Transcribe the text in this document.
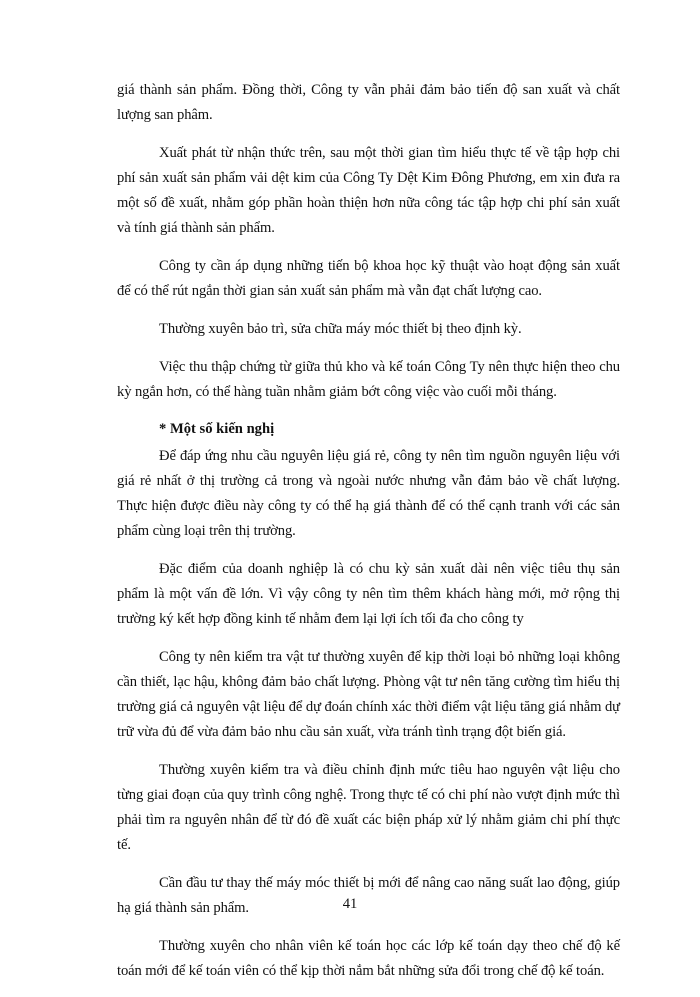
giá thành sản phẩm. Đồng thời, Công ty vẫn phải đảm bảo tiến độ san xuất và chất lượng san phâm.

Xuất phát từ nhận thức trên, sau một thời gian tìm hiểu thực tế về tập hợp chi phí sản xuất sản phẩm vải dệt kim của Công Ty Dệt Kim Đông Phương, em xin đưa ra một số đề xuất, nhằm góp phần hoàn thiện hơn nữa công tác tập hợp chi phí sản xuất và tính giá thành sản phẩm.

Công ty cần áp dụng những tiến bộ khoa học kỹ thuật vào hoạt động sản xuất để có thể rút ngắn thời gian sản xuất sản phẩm mà vẫn đạt chất lượng cao.

Thường xuyên bảo trì, sửa chữa máy móc thiết bị theo định kỳ.

Việc thu thập chứng từ giữa thủ kho và kế toán Công Ty nên thực hiện theo chu kỳ ngắn hơn, có thể hàng tuần nhằm giảm bớt công việc vào cuối mỗi tháng.

* Một số kiến nghị

Để đáp ứng nhu cầu nguyên liệu giá rẻ, công ty nên tìm nguồn nguyên liệu với giá rẻ nhất ở thị trường cả trong và ngoài nước nhưng vẫn đảm bảo về chất lượng. Thực hiện được điều này công ty có thể hạ giá thành để có thể cạnh tranh với các sản phẩm cùng loại trên thị trường.

Đặc điểm của doanh nghiệp là có chu kỳ sản xuất dài nên việc tiêu thụ sản phẩm là một vấn đề lớn. Vì vậy công ty nên tìm thêm khách hàng mới, mở rộng thị trường ký kết hợp đồng kinh tế nhằm đem lại lợi ích tối đa cho công ty

Công ty nên kiểm tra vật tư thường xuyên để kịp thời loại bỏ những loại không cần thiết, lạc hậu, không đảm bảo chất lượng. Phòng vật tư nên tăng cường tìm hiểu thị trường giá cả nguyên vật liệu để dự đoán chính xác thời điểm vật liệu tăng giá nhằm dự trữ vừa đủ để vừa đảm bảo nhu cầu sản xuất, vừa tránh tình trạng đột biến giá.

Thường xuyên kiểm tra và điều chỉnh định mức tiêu hao nguyên vật liệu cho từng giai đoạn của quy trình công nghệ. Trong thực tế có chi phí nào vượt định mức thì phải tìm ra nguyên nhân để từ đó đề xuất các biện pháp xử lý nhằm giảm chi phí thực tế.

Cần đầu tư thay thế máy móc thiết bị mới để nâng cao năng suất lao động, giúp hạ giá thành sản phẩm.

Thường xuyên cho nhân viên kế toán học các lớp kế toán dạy theo chế độ kế toán mới để kế toán viên có thể kịp thời nắm bắt những sửa đổi trong chế độ kế toán.

41
